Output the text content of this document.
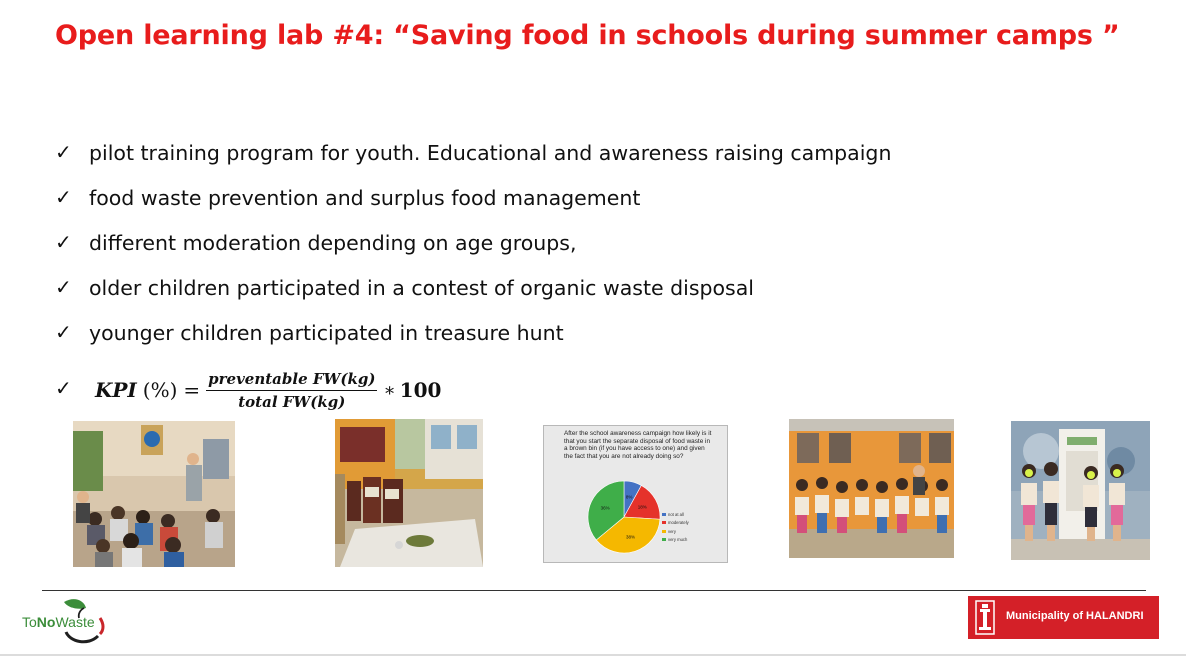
Open learning lab #4: “Saving food in schools during summer camps ”
✓ pilot training program for youth. Educational and awareness raising campaign
✓ food waste prevention and surplus food management
✓ different moderation depending on age groups,
✓ older children participated in a contest of organic waste disposal
✓ younger children participated in treasure hunt
✓ KPI (%) = $\frac{\text{preventable FW(kg)}}{\text{total FW(kg)}}$ ∗ 100
After the school awareness campaign how likely is it that you start the separate disposal of food waste in a brown bin (if you have access to one) and given the fact that you are not already doing so?
8%
18%
38%
36%
not at all
moderately
very
very much
ToNoWaste	Municipality of HALANDRI
